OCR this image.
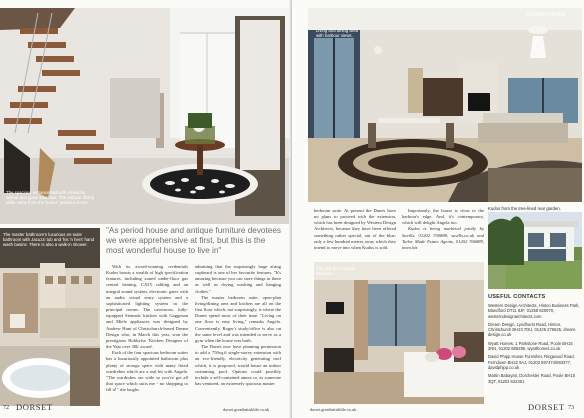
The spacious entrance hall with American walnut and glass staircase. The antique dining table came from the Dunes' previous home.
The master bathroom's luxurious en-suite bathroom with Jacuzzi tub and 'his 'n hers' hand wash basins. There is also a walk-in shower.
"As period house and antique furniture devotees we were apprehensive at first, but this is the most wonderful house to live in"

With its award-winning credentials Kudos boasts a wealth of high specification features, including zoned under-floor gas central heating, CAT5 cabling and an integral sound system, electronic gates with an audio visual entry system and a sophisticated lighting system in the principal rooms. The cavernous, fully-equipped Siematic kitchen with Gaggenau and Miele appliances was designed by Andrew Hunt of Christchurch-based Dream Design who, in March this year, won the prestigious Hobbyfur 'Kitchen Designer of the Year over 30k' award.

Each of the four spacious bedroom suites has a luxuriously appointed bathroom plus plenty of storage space with many fitted wardrobes which are a real hit with Angela. "The wardrobes are wide so you've got all that space which suits me - no shopping to fill it!" she laughs

admitting that the surprisingly large airing cupboard is one of her favourite features. "It's amazing because you can store things in there as well as drying washing and hanging clothes."

The master bedroom suite, open-plan living/dining area and kitchen are all on the first floor which, not surprisingly, is where the Dunes spend most of their time. "Living on one floor is easy living," remarks Angela. Conveniently, Roger's study/office is also on the same level and was intended to serve as a gym when the house was built.

The Dunes now have planning permission to add a 750sq.ft single-storey extension with an eco-friendly, electricity generating roof which, it is proposed, would house an indoor swimming pool. Options could possibly include a self-contained annex or, as someone has ventured, an extremely spacious master

72 DORSET	dorset.greatbritishlife.co.uk
Dorset Home
Living and dining area with harbour views.

bedroom suite. At present the Dunes have no plans to proceed with the extension, which has been designed by Western Design Architects, because they have been offered something rather special, out of the blue; only a few hundred metres away which they intend to move into when Kudos is sold.

Importantly, the house is close to the harbour's edge. And, it's contemporary, which will delight Angela too.

Kudos is being marketed jointly by Savills, 01202 700888, savills.co.uk and Tailor Made Estate Agents, 01202 766889, tmea.biz

Kudos from the tree-lined rear garden.
The first floor master bedroom
USEFUL CONTACTS
Western Design Architects, Hinton Business Park, Blandford DT11 8JF, 01258 820970, westerndesignarchitects.com
Dream Design, Lyndhurst Road, Hinton, Christchurch BH23 7DU, 01425 276625, dream-design.co.uk
Wyatt Homes, 1 Parkstone Road, Poole BH15 2NN, 01202 686286, wyatthomes.co.uk
David Phipp House Furnisher, Ringwood Road, Ferndown BH22 9AJ, 01202 897474/893377, davidphipp.co.uk
Martin Babayan, Dorchester Road, Poole BH15 3QT, 01202 622351
dorset.greatbritishlife.co.uk	DORSET 73
